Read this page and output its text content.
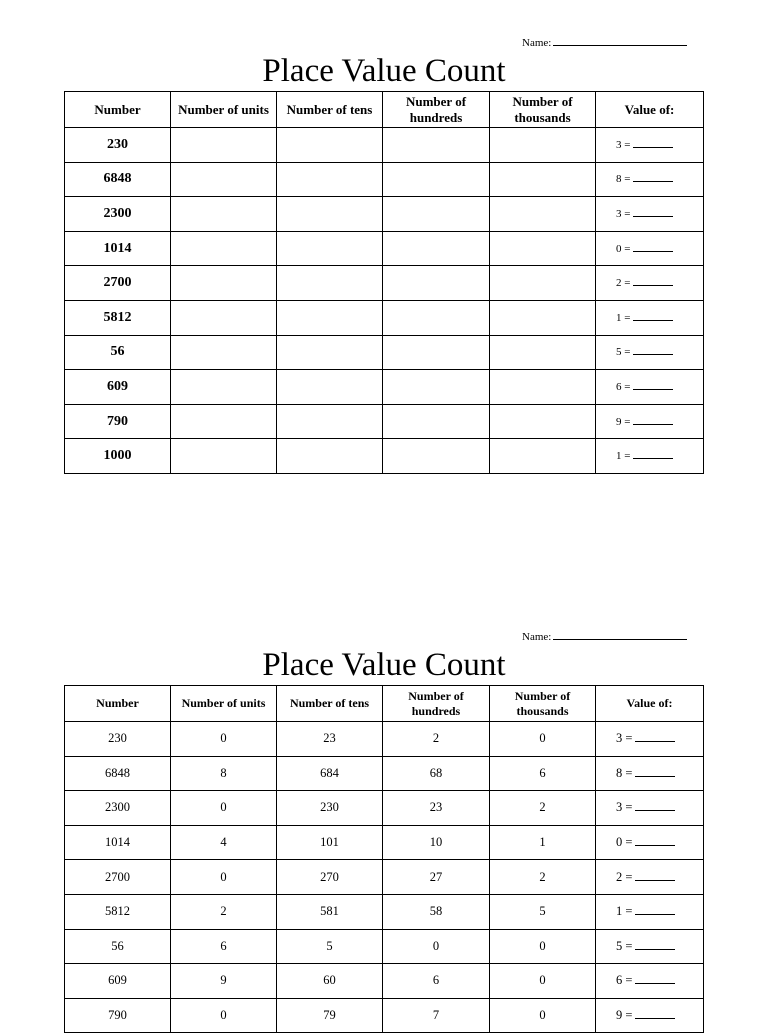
Name:
Place Value Count
Number	Number of units	Number of tens	Number of hundreds	Number of thousands	Value of:
230					3 =
6848					8 =
2300					3 =
1014					0 =
2700					2 =
5812					1 =
56					5 =
609					6 =
790					9 =
1000					1 =
Name:
Place Value Count
Number	Number of units	Number of tens	Number of hundreds	Number of thousands	Value of:
230	0	23	2	0	3 =
6848	8	684	68	6	8 =
2300	0	230	23	2	3 =
1014	4	101	10	1	0 =
2700	0	270	27	2	2 =
5812	2	581	58	5	1 =
56	6	5	0	0	5 =
609	9	60	6	0	6 =
790	0	79	7	0	9 =
